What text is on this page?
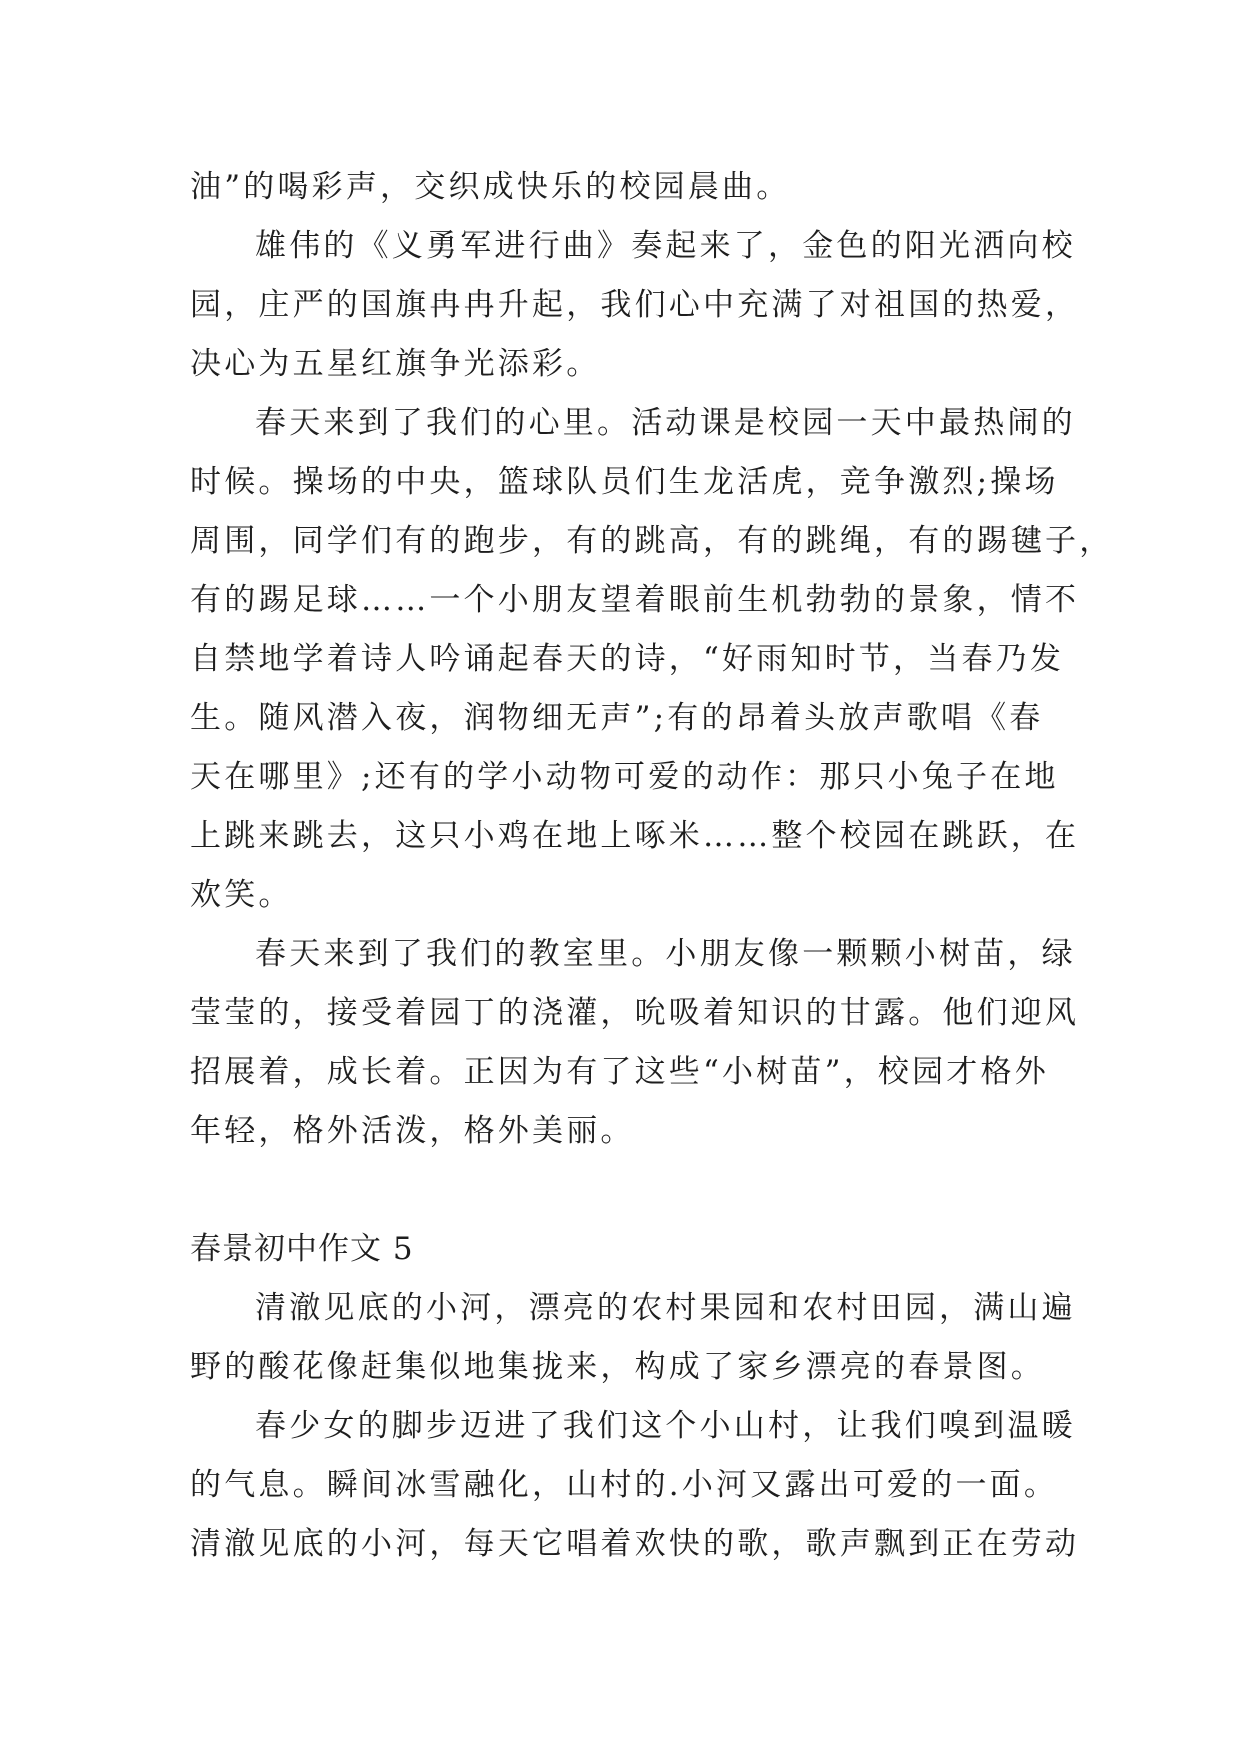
油”的喝彩声，交织成快乐的校园晨曲。
雄伟的《义勇军进行曲》奏起来了，金色的阳光洒向校
园，庄严的国旗冉冉升起，我们心中充满了对祖国的热爱，
决心为五星红旗争光添彩。
春天来到了我们的心里。活动课是校园一天中最热闹的
时候。操场的中央，篮球队员们生龙活虎，竞争激烈;操场
周围，同学们有的跑步，有的跳高，有的跳绳，有的踢毽子，
有的踢足球……一个小朋友望着眼前生机勃勃的景象，情不
自禁地学着诗人吟诵起春天的诗，“好雨知时节，当春乃发
生。随风潜入夜，润物细无声”;有的昂着头放声歌唱《春
天在哪里》;还有的学小动物可爱的动作：那只小兔子在地
上跳来跳去，这只小鸡在地上啄米……整个校园在跳跃，在
欢笑。
春天来到了我们的教室里。小朋友像一颗颗小树苗，绿
莹莹的，接受着园丁的浇灌，吮吸着知识的甘露。他们迎风
招展着，成长着。正因为有了这些“小树苗”，校园才格外
年轻，格外活泼，格外美丽。
春景初中作文 5
清澈见底的小河，漂亮的农村果园和农村田园，满山遍
野的酸花像赶集似地集拢来，构成了家乡漂亮的春景图。
春少女的脚步迈进了我们这个小山村，让我们嗅到温暖
的气息。瞬间冰雪融化，山村的.小河又露出可爱的一面。
清澈见底的小河，每天它唱着欢快的歌，歌声飘到正在劳动
